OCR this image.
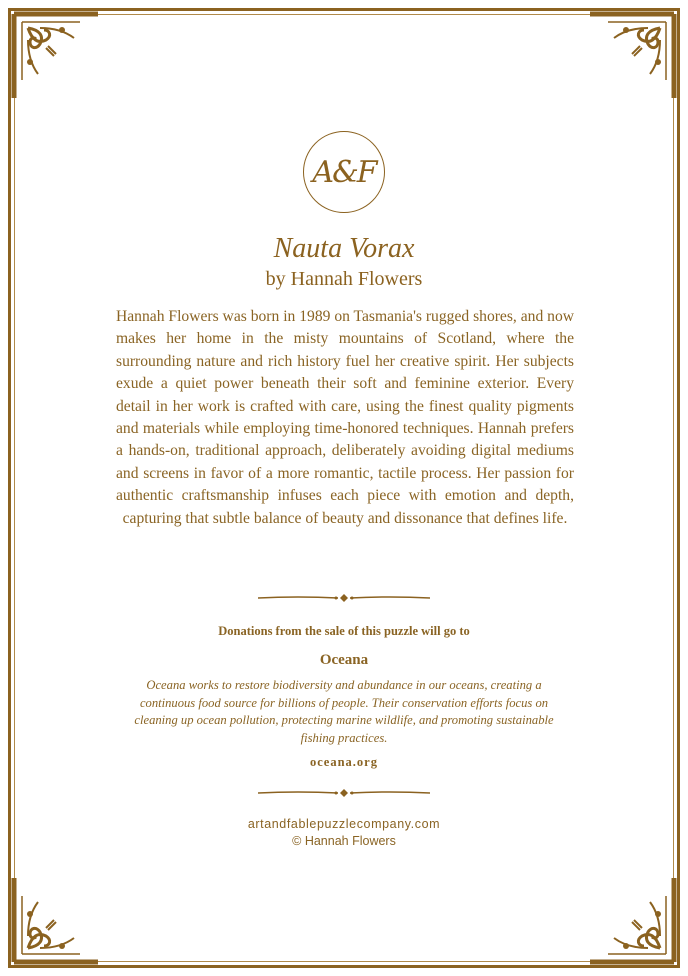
A&F
Nauta Vorax
by Hannah Flowers
Hannah Flowers was born in 1989 on Tasmania's rugged shores, and now makes her home in the misty mountains of Scotland, where the surrounding nature and rich history fuel her creative spirit. Her subjects exude a quiet power beneath their soft and feminine exterior. Every detail in her work is crafted with care, using the finest quality pigments and materials while employing time-honored techniques. Hannah prefers a hands-on, traditional approach, deliberately avoiding digital mediums and screens in favor of a more romantic, tactile process. Her passion for authentic craftsmanship infuses each piece with emotion and depth, capturing that subtle balance of beauty and dissonance that defines life.
Donations from the sale of this puzzle will go to
Oceana
Oceana works to restore biodiversity and abundance in our oceans, creating a continuous food source for billions of people. Their conservation efforts focus on cleaning up ocean pollution, protecting marine wildlife, and promoting sustainable fishing practices.
oceana.org
artandfablepuzzlecompany.com
© Hannah Flowers
